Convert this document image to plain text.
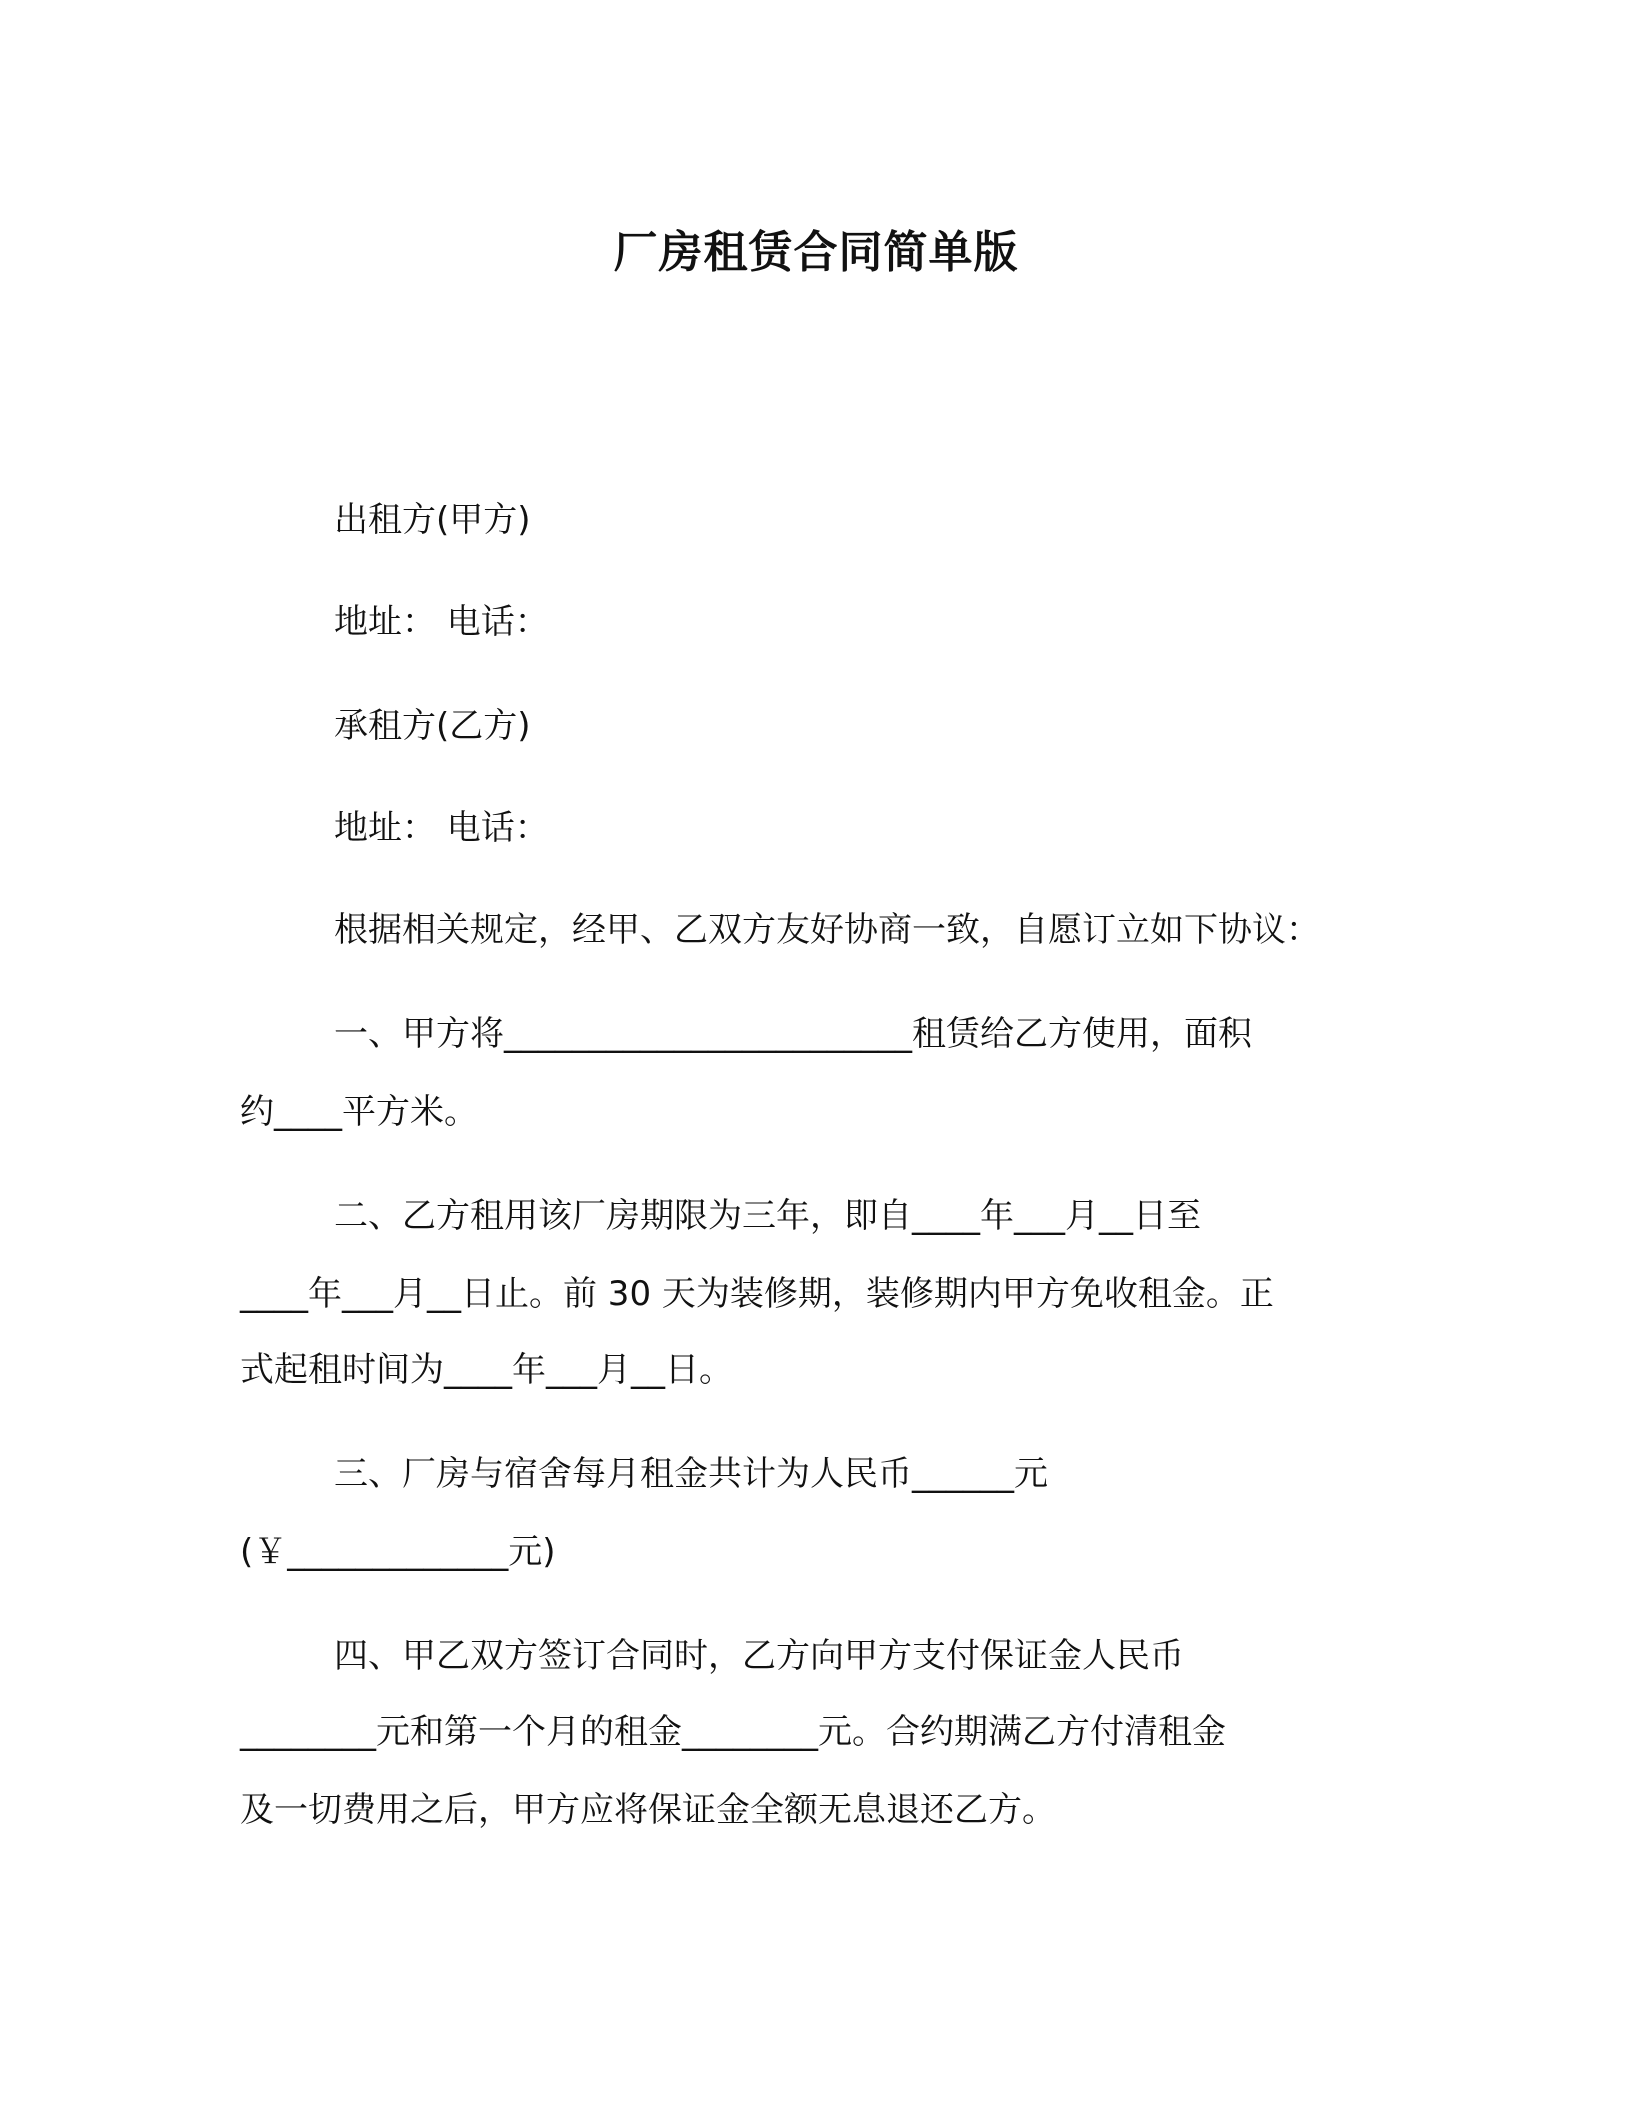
厂房租赁合同简单版
出租方(甲方)
地址： 电话：
承租方(乙方)
地址： 电话：
根据相关规定，经甲、乙双方友好协商一致，自愿订立如下协议：
一、甲方将________________________租赁给乙方使用，面积
约____平方米。
二、乙方租用该厂房期限为三年，即自____年___月__日至
____年___月__日止。前 30 天为装修期，装修期内甲方免收租金。正
式起租时间为____年___月__日。
三、厂房与宿舍每月租金共计为人民币______元
(￥_____________元)
四、甲乙双方签订合同时，乙方向甲方支付保证金人民币
________元和第一个月的租金________元。合约期满乙方付清租金
及一切费用之后，甲方应将保证金全额无息退还乙方。
